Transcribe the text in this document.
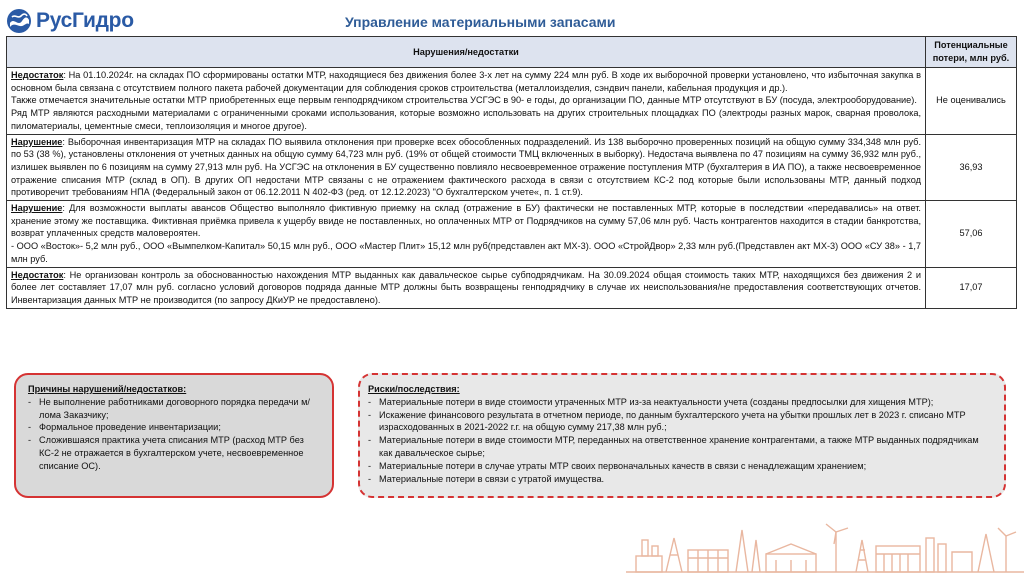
РусГидро	Управление материальными запасами
Нарушения/недостатки	Потенциальные потери, млн руб.
Недостаток: На 01.10.2024г. на складах ПО сформированы остатки МТР, находящиеся без движения более 3-х лет на сумму 224 млн руб. В ходе их выборочной проверки установлено, что избыточная закупка в основном была связана с отсутствием полного пакета рабочей документации для соблюдения сроков строительства (металлоизделия, сэндвич панели, кабельная продукция и др.).
Также отмечается значительные остатки МТР приобретенных еще первым генподрядчиком строительства УСГЭС в 90- е годы, до организации ПО, данные МТР отсутствуют в БУ (посуда, электрооборудование).
Ряд МТР являются расходными материалами с ограниченными сроками использования, которые возможно использовать на других строительных площадках ПО (электроды разных марок, сварная проволока, пиломатериалы, цементные смеси, теплоизоляция и многое другое).	Не оценивались
Нарушение: Выборочная инвентаризация МТР на складах ПО выявила отклонения при проверке всех обособленных подразделений. Из 138 выборочно проверенных позиций на общую сумму 334,348 млн руб. по 53 (38 %), установлены отклонения от учетных данных на общую сумму 64,723 млн руб. (19% от общей стоимости ТМЦ включенных в выборку). Недостача выявлена по 47 позициям на сумму 36,932 млн руб., излишек выявлен по 6 позициям на сумму 27,913 млн руб. На УСГЭС на отклонения в БУ существенно повлияло несвоевременное отражение поступления МТР (бухгалтерия в ИА ПО), а также несвоевременное отражение списания МТР (склад в ОП). В других ОП недостачи МТР связаны с не отражением фактического расхода в связи с отсутствием КС-2 под которые были использованы МТР, данный подход противоречит требованиям НПА (Федеральный закон от 06.12.2011 N 402-ФЗ (ред. от 12.12.2023) "О бухгалтерском учете«, п. 1 ст.9).	36,93
Нарушение: Для возможности выплаты авансов Общество выполняло фиктивную приемку на склад (отражение в БУ) фактически не поставленных МТР, которые в последствии «передавались» на ответ. хранение этому же поставщика. Фиктивная приёмка привела к ущербу ввиде не поставленных, но оплаченных МТР от Подрядчиков на сумму 57,06 млн руб. Часть контрагентов находится в стадии банкротства, возврат уплаченных средств маловероятен.
- ООО «Восток»- 5,2 млн руб., ООО «Вымпелком-Капитал» 50,15 млн руб., ООО «Мастер Плит» 15,12 млн руб(представлен акт МХ-3). ООО «СтройДвор» 2,33 млн руб.(Представлен акт МХ-3) ООО «СУ 38» - 1,7 млн руб.	57,06
Недостаток: Не организован контроль за обоснованностью нахождения МТР выданных как давальческое сырье субподрядчикам. На 30.09.2024 общая стоимость таких МТР, находящихся без движения 2 и более лет составляет 17,07 млн руб. согласно условий договоров подряда данные МТР должны быть возвращены генподрядчику в случае их неиспользования/не предоставления соответствующих отчетов. Инвентаризация данных МТР не производится (по запросу ДКиУР не предоставлено).	17,07
Причины нарушений/недостатков:
- Не выполнение работниками договорного порядка передачи м/лома Заказчику;
- Формальное проведение инвентаризации;
- Сложившаяся практика учета списания МТР (расход МТР без КС-2 не отражается в бухгалтерском учете, несвоевременное списание ОС).
Риски/последствия:
- Материальные потери в виде стоимости утраченных МТР из-за неактуальности учета (созданы предпосылки для хищения МТР);
- Искажение финансового результата в отчетном периоде, по данным бухгалтерского учета на убытки прошлых лет в 2023 г. списано МТР израсходованных в 2021-2022 г.г. на общую сумму 217,38 млн руб.;
- Материальные потери в виде стоимости МТР, переданных на ответственное хранение контрагентами, а также МТР выданных подрядчикам как давальческое сырье;
- Материальные потери в случае утраты МТР своих первоначальных качеств в связи с ненадлежащим хранением;
- Материальные потери в связи с утратой имущества.
